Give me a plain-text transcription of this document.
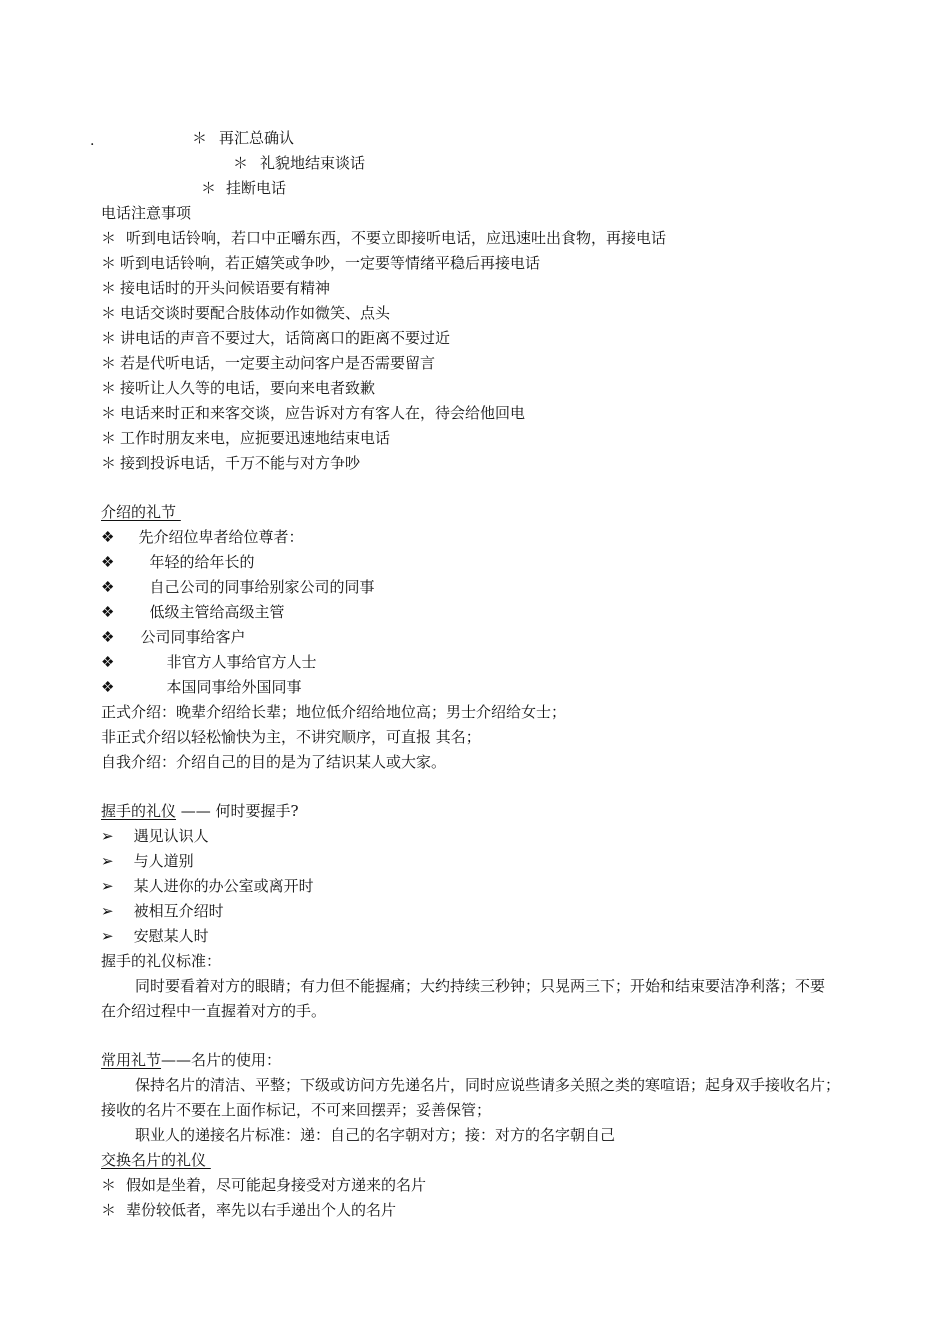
.	＊ 再汇总确认
＊ 礼貌地结束谈话
＊ 挂断电话
电话注意事项
＊ 听到电话铃响，若口中正嚼东西，不要立即接听电话，应迅速吐出食物，再接电话
＊ 听到电话铃响，若正嬉笑或争吵，一定要等情绪平稳后再接电话
＊ 接电话时的开头问候语要有精神
＊ 电话交谈时要配合肢体动作如微笑、点头
＊ 讲电话的声音不要过大，话筒离口的距离不要过近
＊ 若是代听电话，一定要主动问客户是否需要留言
＊ 接听让人久等的电话，要向来电者致歉
＊ 电话来时正和来客交谈，应告诉对方有客人在，待会给他回电
＊ 工作时朋友来电，应扼要迅速地结束电话
＊ 接到投诉电话，千万不能与对方争吵
介绍的礼节
❖ 先介绍位卑者给位尊者：
❖ 年轻的给年长的
❖ 自己公司的同事给别家公司的同事
❖ 低级主管给高级主管
❖ 公司同事给客户
❖	非官方人事给官方人士
❖	本国同事给外国同事
正式介绍：晚辈介绍给长辈；地位低介绍给地位高；男士介绍给女士；
非正式介绍以轻松愉快为主，不讲究顺序，可直报 其名；
自我介绍：介绍自己的目的是为了结识某人或大家。
握手的礼仪 —— 何时要握手?
➢ 遇见认识人
➢ 与人道别
➢ 某人进你的办公室或离开时
➢ 被相互介绍时
➢ 安慰某人时
握手的礼仪标准：
同时要看着对方的眼睛；有力但不能握痛；大约持续三秒钟；只晃两三下；开始和结束要洁净利落；不要
在介绍过程中一直握着对方的手。
常用礼节——名片的使用：
保持名片的清洁、平整；下级或访问方先递名片，同时应说些请多关照之类的寒喧语；起身双手接收名片；
接收的名片不要在上面作标记，不可来回摆弄；妥善保管；
职业人的递接名片标准：递：自己的名字朝对方；接：对方的名字朝自己
交换名片的礼仪
＊ 假如是坐着，尽可能起身接受对方递来的名片
＊ 辈份较低者，率先以右手递出个人的名片
